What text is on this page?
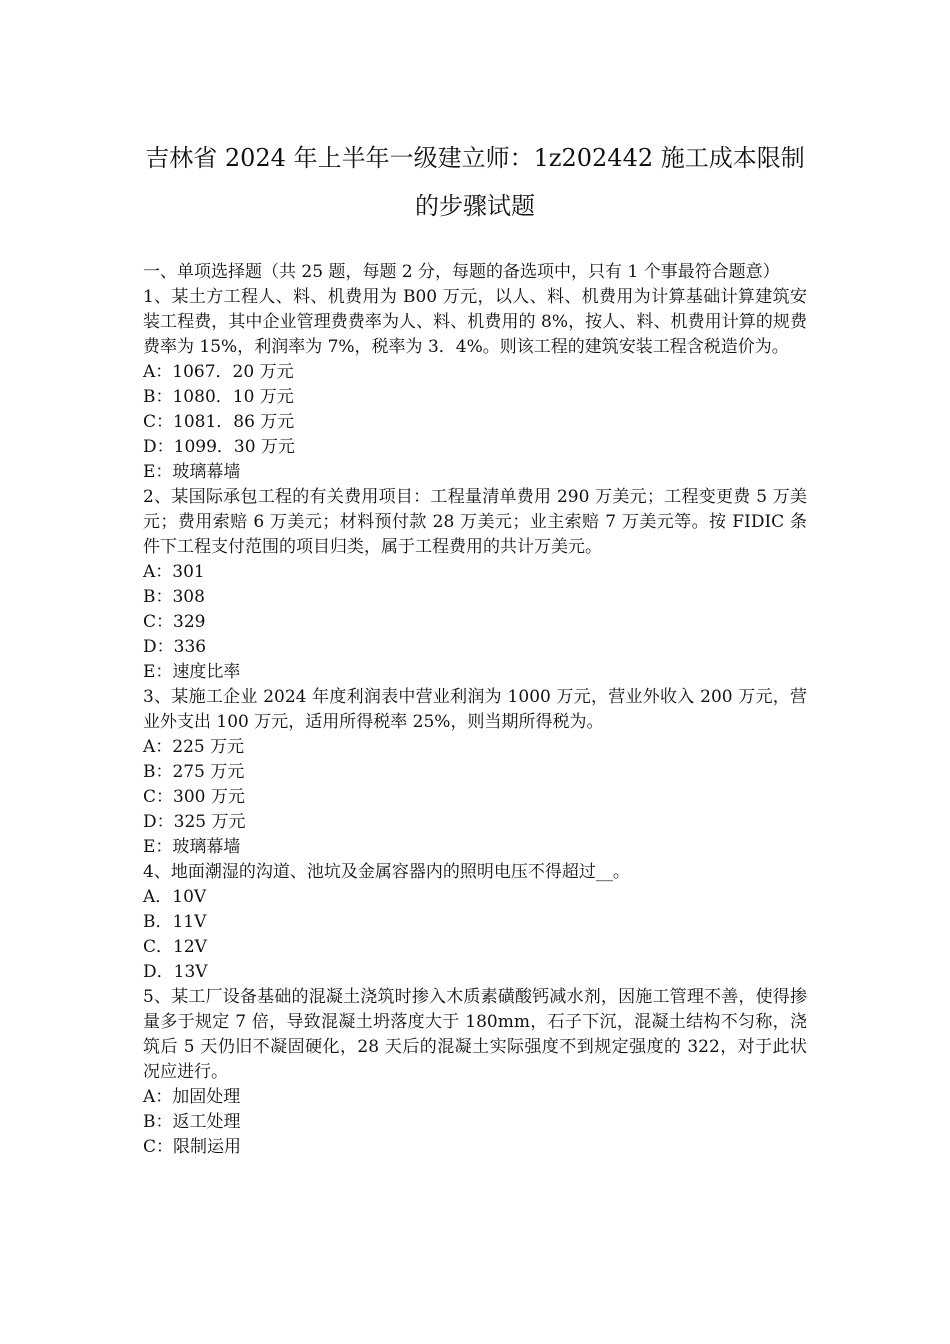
吉林省 2024 年上半年一级建立师：1z202442 施工成本限制的步骤试题

一、单项选择题（共 25 题，每题 2 分，每题的备选项中，只有 1 个事最符合题意）

1、某土方工程人、料、机费用为 B00 万元，以人、料、机费用为计算基础计算建筑安装工程费，其中企业管理费费率为人、料、机费用的 8%，按人、料、机费用计算的规费费率为 15%，利润率为 7%，税率为 3．4%。则该工程的建筑安装工程含税造价为。

A：1067．20 万元
B：1080．10 万元
C：1081．86 万元
D：1099．30 万元
E：玻璃幕墙

2、某国际承包工程的有关费用项目：工程量清单费用 290 万美元；工程变更费 5 万美元；费用索赔 6 万美元；材料预付款 28 万美元；业主索赔 7 万美元等。按 FIDIC 条件下工程支付范围的项目归类，属于工程费用的共计万美元。

A：301
B：308
C：329
D：336
E：速度比率

3、某施工企业 2024 年度利润表中营业利润为 1000 万元，营业外收入 200 万元，营业外支出 100 万元，适用所得税率 25%，则当期所得税为。

A：225 万元
B：275 万元
C：300 万元
D：325 万元
E：玻璃幕墙

4、地面潮湿的沟道、池坑及金属容器内的照明电压不得超过__。

A．10V
B．11V
C．12V
D．13V

5、某工厂设备基础的混凝土浇筑时掺入木质素磺酸钙减水剂，因施工管理不善，使得掺量多于规定 7 倍，导致混凝土坍落度大于 180mm，石子下沉，混凝土结构不匀称，浇筑后 5 天仍旧不凝固硬化，28 天后的混凝土实际强度不到规定强度的 322，对于此状况应进行。

A：加固处理
B：返工处理
C：限制运用
